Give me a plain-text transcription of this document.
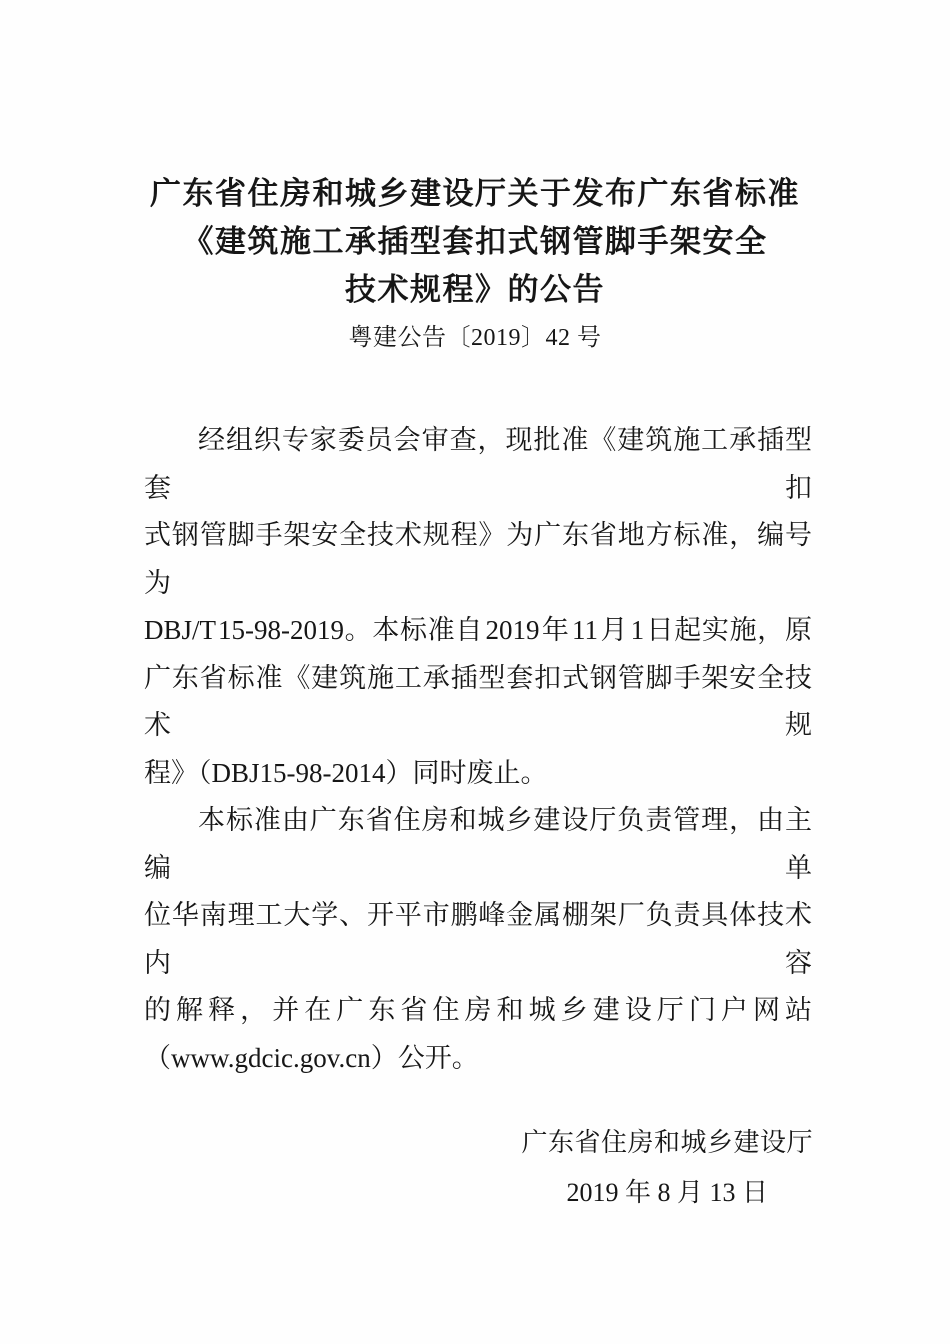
广东省住房和城乡建设厅关于发布广东省标准
《建筑施工承插型套扣式钢管脚手架安全
技术规程》的公告
粤建公告〔2019〕42 号
经组织专家委员会审查，现批准《建筑施工承插型套扣
式钢管脚手架安全技术规程》为广东省地方标准，编号为
DBJ/T 15-98-2019。本标准自 2019 年 11 月 1 日起实施，原
广东省标准《建筑施工承插型套扣式钢管脚手架安全技术规
程》（DBJ15-98-2014）同时废止。
本标准由广东省住房和城乡建设厅负责管理，由主编单
位华南理工大学、开平市鹏峰金属棚架厂负责具体技术内容
的解释，并在广东省住房和城乡建设厅门户网站
（www.gdcic.gov.cn）公开。
广东省住房和城乡建设厅
2019 年 8 月 13 日
